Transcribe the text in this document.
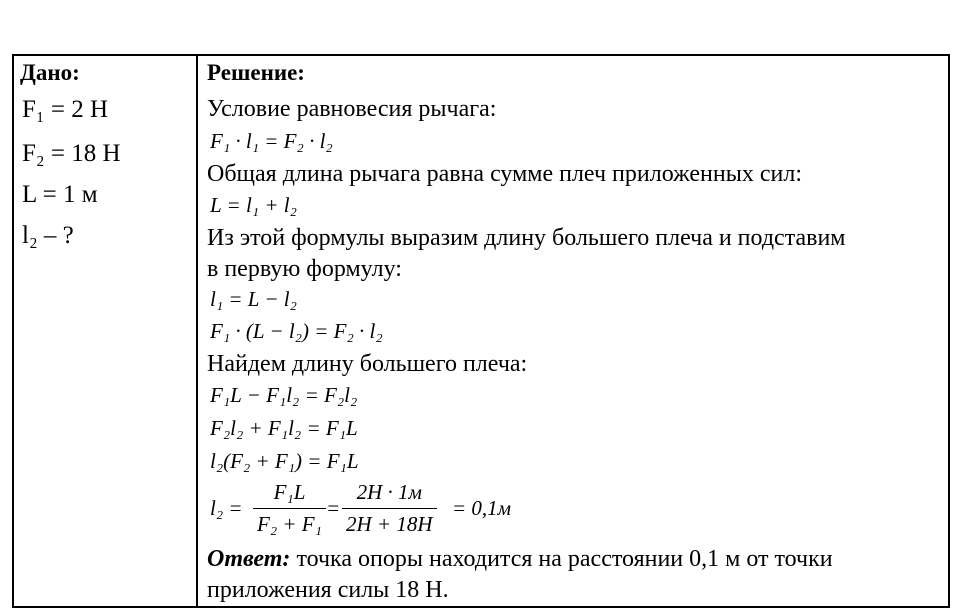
Дано:	Решение:
F₁ = 2 Н
F₂ = 18 Н
L = 1 м
l₂ – ?
Условие равновесия рычага:
F₁ · l₁ = F₂ · l₂
Общая длина рычага равна сумме плеч приложенных сил:
L = l₁ + l₂
Из этой формулы выразим длину большего плеча и подставим
в первую формулу:
l₁ = L − l₂
F₁ · (L − l₂) = F₂ · l₂
Найдем длину большего плеча:
F₁L − F₁l₂ = F₂l₂
F₂l₂ + F₁l₂ = F₁L
l₂(F₂ + F₁) = F₁L
$l_2 = \frac{\text{F₁L}}{\text{F₂ + F₁}}$ =
2H · 1м
2H + 18H
= 0,1м
Ответ: точка опоры находится на расстоянии 0,1 м от точки
приложения силы 18 Н.
